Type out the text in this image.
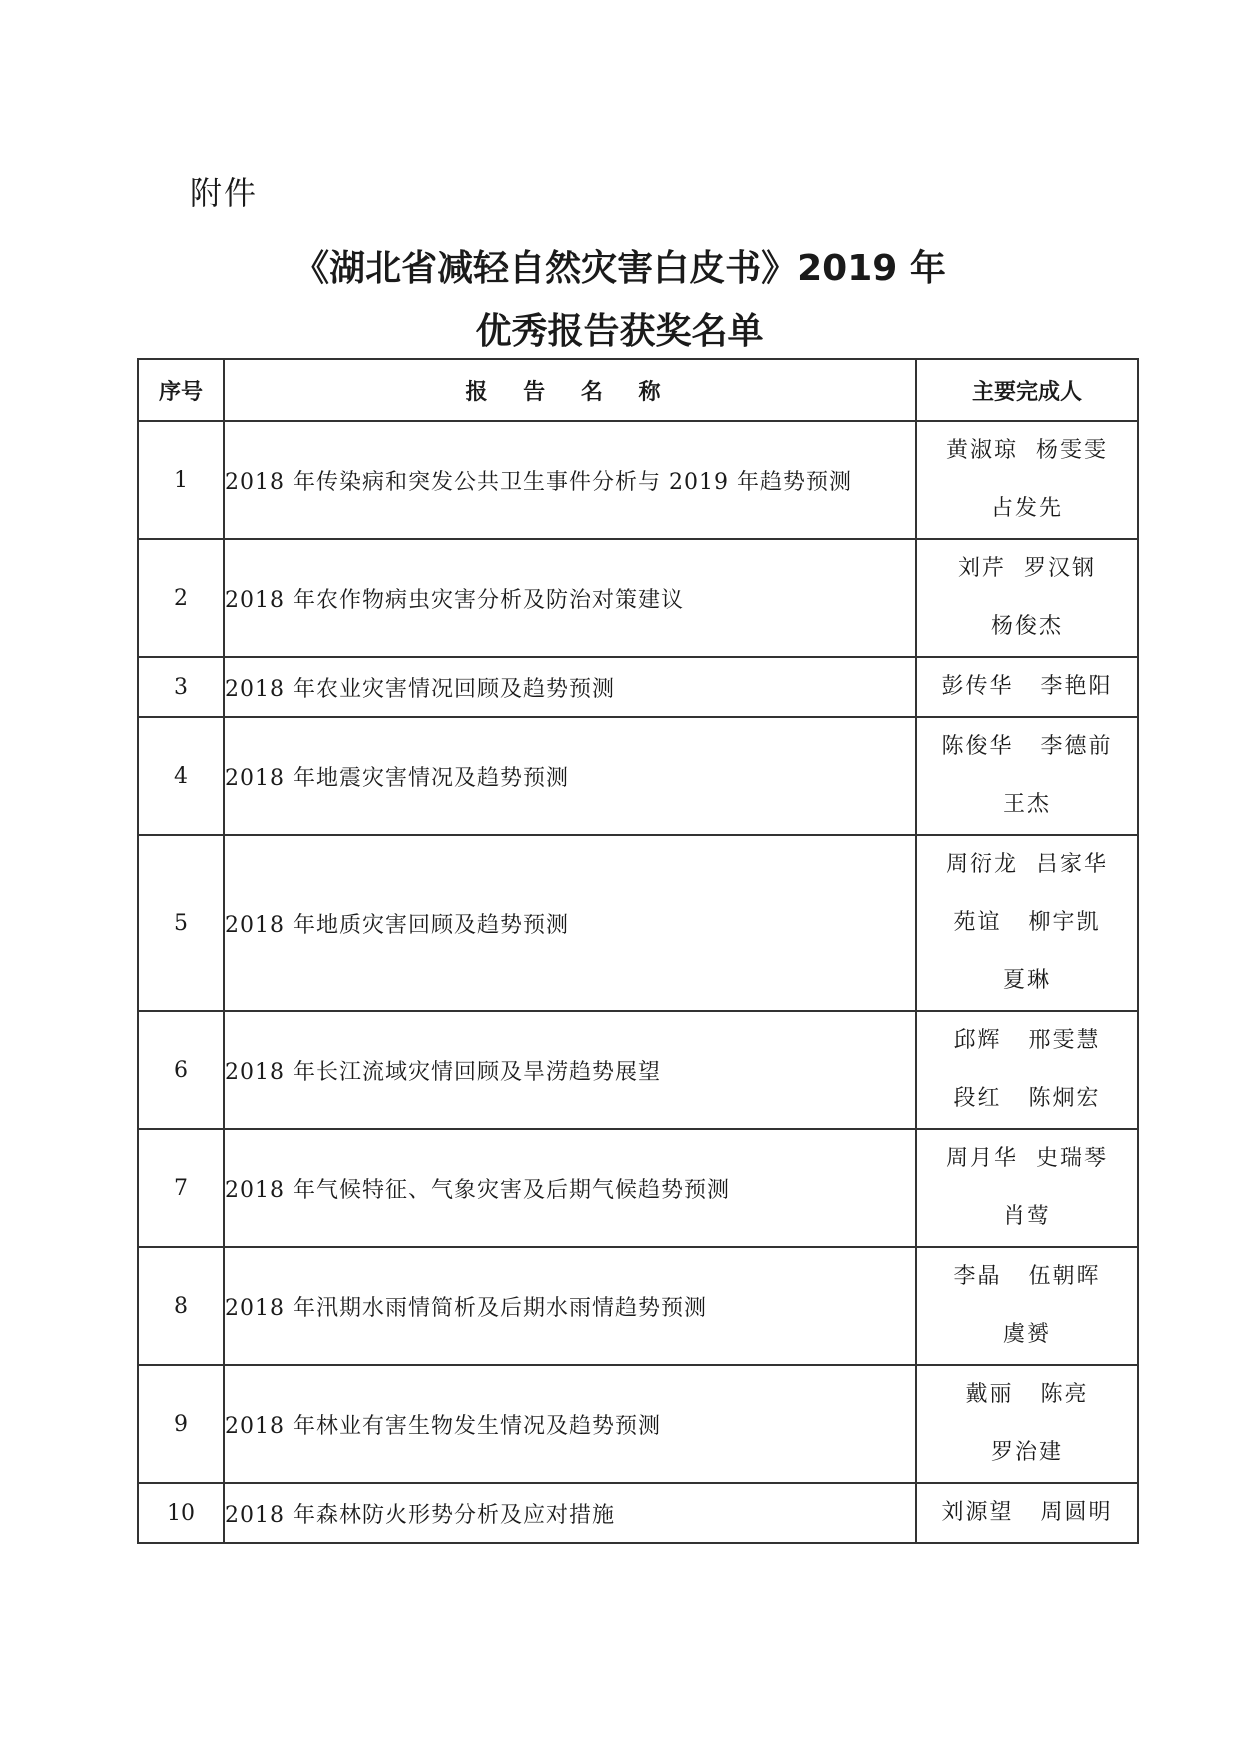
附件
《湖北省减轻自然灾害白皮书》2019 年
优秀报告获奖名单
序号	报 告 名 称	主要完成人
1	2018 年传染病和突发公共卫生事件分析与 2019 年趋势预测	黄淑琼  杨雯雯
占发先

2	2018 年农作物病虫灾害分析及防治对策建议	刘芹  罗汉钢
杨俊杰

3	2018 年农业灾害情况回顾及趋势预测	彭传华   李艳阳

4	2018 年地震灾害情况及趋势预测	陈俊华   李德前
王杰

5	2018 年地质灾害回顾及趋势预测	周衍龙  吕家华
苑谊   柳宇凯
夏琳

6	2018 年长江流域灾情回顾及旱涝趋势展望	邱辉   邢雯慧
段红   陈炯宏

7	2018 年气候特征、气象灾害及后期气候趋势预测	周月华  史瑞琴
肖莺

8	2018 年汛期水雨情简析及后期水雨情趋势预测	李晶   伍朝晖
虞赟

9	2018 年林业有害生物发生情况及趋势预测	戴丽   陈亮
罗治建

10	2018 年森林防火形势分析及应对措施	刘源望   周圆明
